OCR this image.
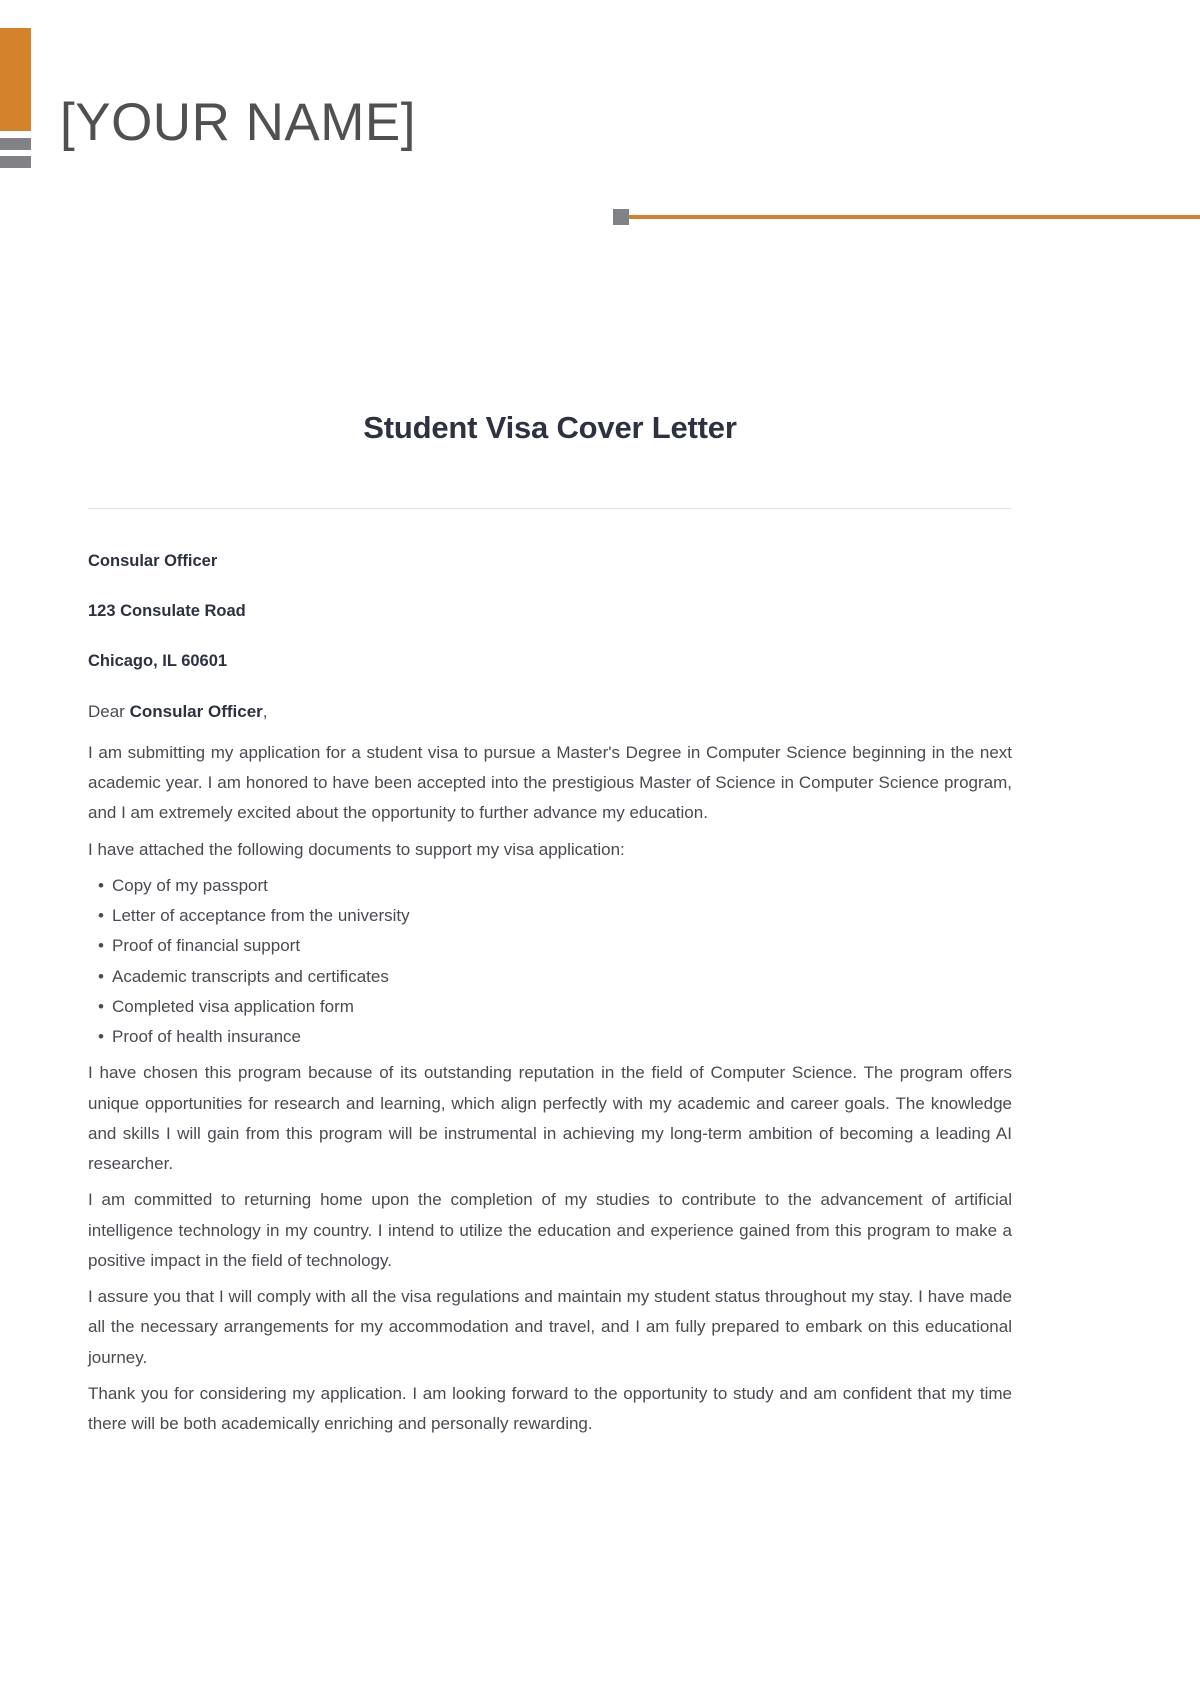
[YOUR NAME]
Student Visa Cover Letter
Consular Officer
123 Consulate Road
Chicago, IL 60601
Dear Consular Officer,

I am submitting my application for a student visa to pursue a Master's Degree in Computer Science beginning in the next academic year. I am honored to have been accepted into the prestigious Master of Science in Computer Science program, and I am extremely excited about the opportunity to further advance my education.

I have attached the following documents to support my visa application:

• Copy of my passport
• Letter of acceptance from the university
• Proof of financial support
• Academic transcripts and certificates
• Completed visa application form
• Proof of health insurance

I have chosen this program because of its outstanding reputation in the field of Computer Science. The program offers unique opportunities for research and learning, which align perfectly with my academic and career goals. The knowledge and skills I will gain from this program will be instrumental in achieving my long-term ambition of becoming a leading AI researcher.

I am committed to returning home upon the completion of my studies to contribute to the advancement of artificial intelligence technology in my country. I intend to utilize the education and experience gained from this program to make a positive impact in the field of technology.

I assure you that I will comply with all the visa regulations and maintain my student status throughout my stay. I have made all the necessary arrangements for my accommodation and travel, and I am fully prepared to embark on this educational journey.

Thank you for considering my application. I am looking forward to the opportunity to study and am confident that my time there will be both academically enriching and personally rewarding.
